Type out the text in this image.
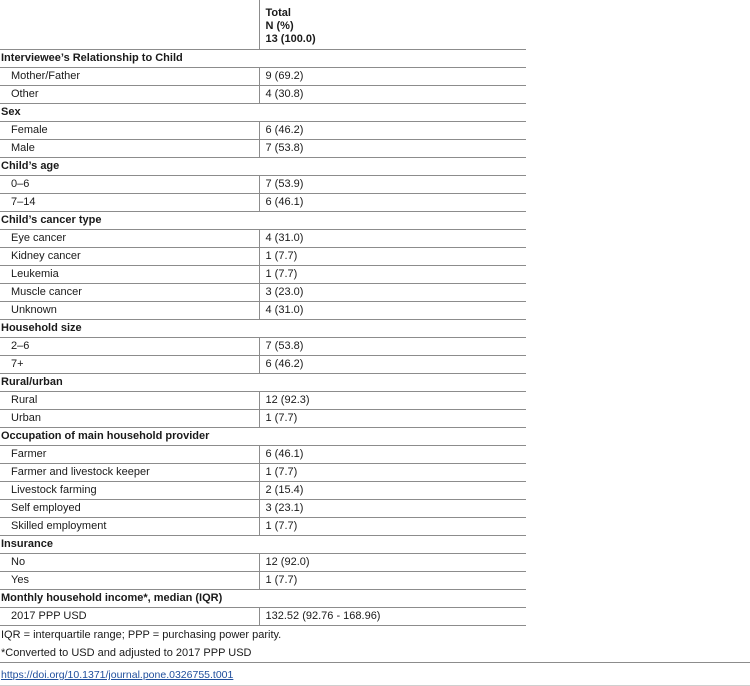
	Total
N (%)
13 (100.0)

Interviewee’s Relationship to Child	
Mother/Father	9 (69.2)
Other	4 (30.8)
Sex	
Female	6 (46.2)
Male	7 (53.8)
Child’s age	
0–6	7 (53.9)
7–14	6 (46.1)
Child’s cancer type	
Eye cancer	4 (31.0)
Kidney cancer	1 (7.7)
Leukemia	1 (7.7)
Muscle cancer	3 (23.0)
Unknown	4 (31.0)
Household size	
2–6	7 (53.8)
7+	6 (46.2)
Rural/urban	
Rural	12 (92.3)
Urban	1 (7.7)
Occupation of main household provider	
Farmer	6 (46.1)
Farmer and livestock keeper	1 (7.7)
Livestock farming	2 (15.4)
Self employed	3 (23.1)
Skilled employment	1 (7.7)
Insurance	
No	12 (92.0)
Yes	1 (7.7)
Monthly household income*, median (IQR)	
2017 PPP USD	132.52 (92.76 - 168.96)
IQR = interquartile range; PPP = purchasing power parity.
*Converted to USD and adjusted to 2017 PPP USD
https://doi.org/10.1371/journal.pone.0326755.t001
